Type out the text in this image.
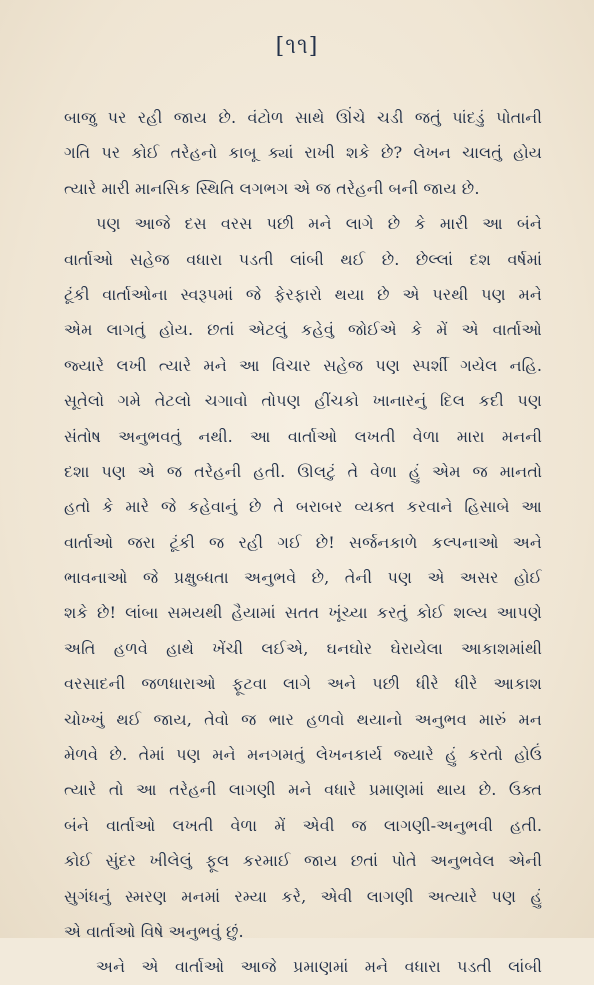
[૧૧]
બાજુ પર રહી જાય છે. વંટોળ સાથે ઊંચે ચડી જતું પાંદડું પોતાની
ગતિ પર કોઈ તરેહનો કાબૂ ક્યાં રાખી શકે છે? લેખન ચાલતું હોય
ત્યારે મારી માનસિક સ્થિતિ લગભગ એ જ તરેહની બની જાય છે.
પણ આજે દસ વરસ પછી મને લાગે છે કે મારી આ બંને
વાર્તાઓ સહેજ વધારા પડતી લાંબી થઈ છે. છેલ્લાં દશ વર્ષમાં
ટૂંકી વાર્તાઓના સ્વરૂપમાં જે ફેરફારો થયા છે એ પરથી પણ મને
એમ લાગતું હોય. છતાં એટલું કહેવું જોઈએ કે મેં એ વાર્તાઓ
જ્યારે લખી ત્યારે મને આ વિચાર સહેજ પણ સ્પર્શી ગયેલ નહિ.
સૂતેલો ગમે તેટલો ચગાવો તોપણ હીંચકો ખાનારનું દિલ કદી પણ
સંતોષ અનુભવતું નથી. આ વાર્તાઓ લખતી વેળા મારા મનની
દશા પણ એ જ તરેહની હતી. ઊલટું તે વેળા હું એમ જ માનતો
હતો કે મારે જે કહેવાનું છે તે બરાબર વ્યક્ત કરવાને હિસાબે આ
વાર્તાઓ જરા ટૂંકી જ રહી ગઈ છે! સર્જનકાળે કલ્પનાઓ અને
ભાવનાઓ જે પ્રક્ષુબ્ધતા અનુભવે છે, તેની પણ એ અસર હોઈ
શકે છે! લાંબા સમયથી હૈયામાં સતત ખૂંચ્યા કરતું કોઈ શલ્ય આપણે
અતિ હળવે હાથે ખેંચી લઈએ, ઘનઘોર ઘેરાયેલા આકાશમાંથી
વરસાદની જળધારાઓ ફૂટવા લાગે અને પછી ધીરે ધીરે આકાશ
ચોખ્ખું થઈ જાય, તેવો જ ભાર હળવો થયાનો અનુભવ મારું મન
મેળવે છે. તેમાં પણ મને મનગમતું લેખનકાર્ય જ્યારે હું કરતો હોઉં
ત્યારે તો આ તરેહની લાગણી મને વધારે પ્રમાણમાં થાય છે. ઉક્ત
બંને વાર્તાઓ લખતી વેળા મેં એવી જ લાગણી-અનુભવી હતી.
કોઈ સુંદર ખીલેલું ફૂલ કરમાઈ જાય છતાં પોતે અનુભવેલ એની
સુગંધનું સ્મરણ મનમાં રમ્યા કરે, એવી લાગણી અત્યારે પણ હું
એ વાર્તાઓ વિષે અનુભવું છું.
અને એ વાર્તાઓ આજે પ્રમાણમાં મને વધારા પડતી લાંબી
